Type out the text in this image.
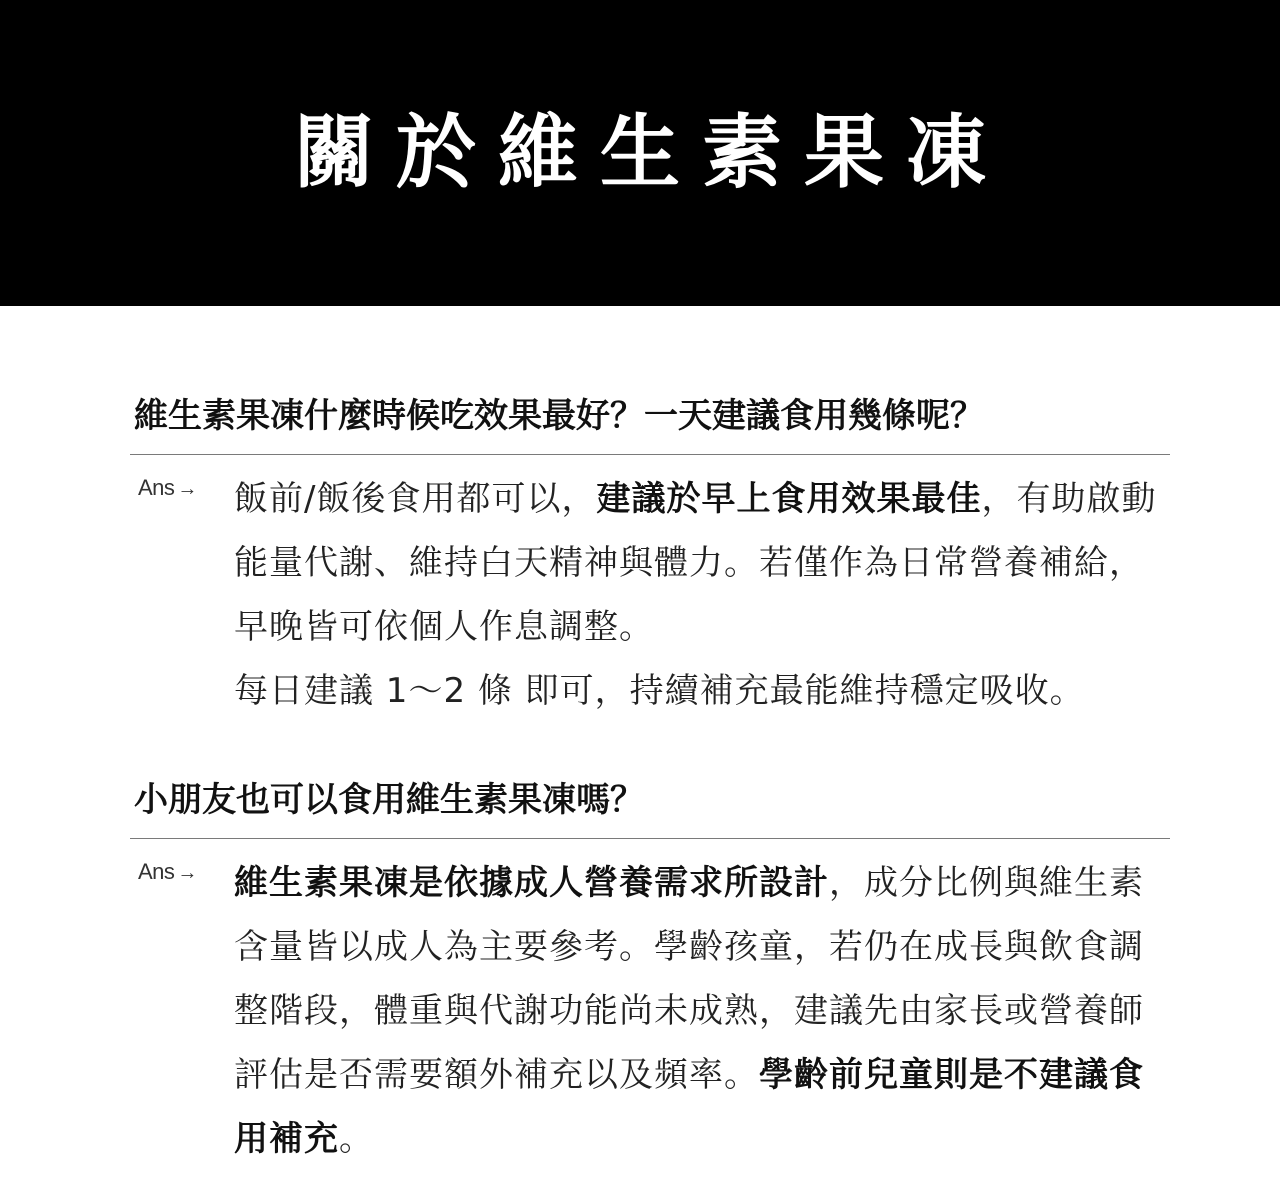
關於維生素果凍
維生素果凍什麼時候吃效果最好？一天建議食用幾條呢？
Ans → 飯前/飯後食用都可以，建議於早上食用效果最佳，有助啟動能量代謝、維持白天精神與體力。若僅作為日常營養補給，早晚皆可依個人作息調整。

每日建議 1～2 條 即可，持續補充最能維持穩定吸收。

小朋友也可以食用維生素果凍嗎？
Ans → 維生素果凍是依據成人營養需求所設計，成分比例與維生素含量皆以成人為主要參考。學齡孩童，若仍在成長與飲食調整階段，體重與代謝功能尚未成熟，建議先由家長或營養師評估是否需要額外補充以及頻率。學齡前兒童則是不建議食用補充。
